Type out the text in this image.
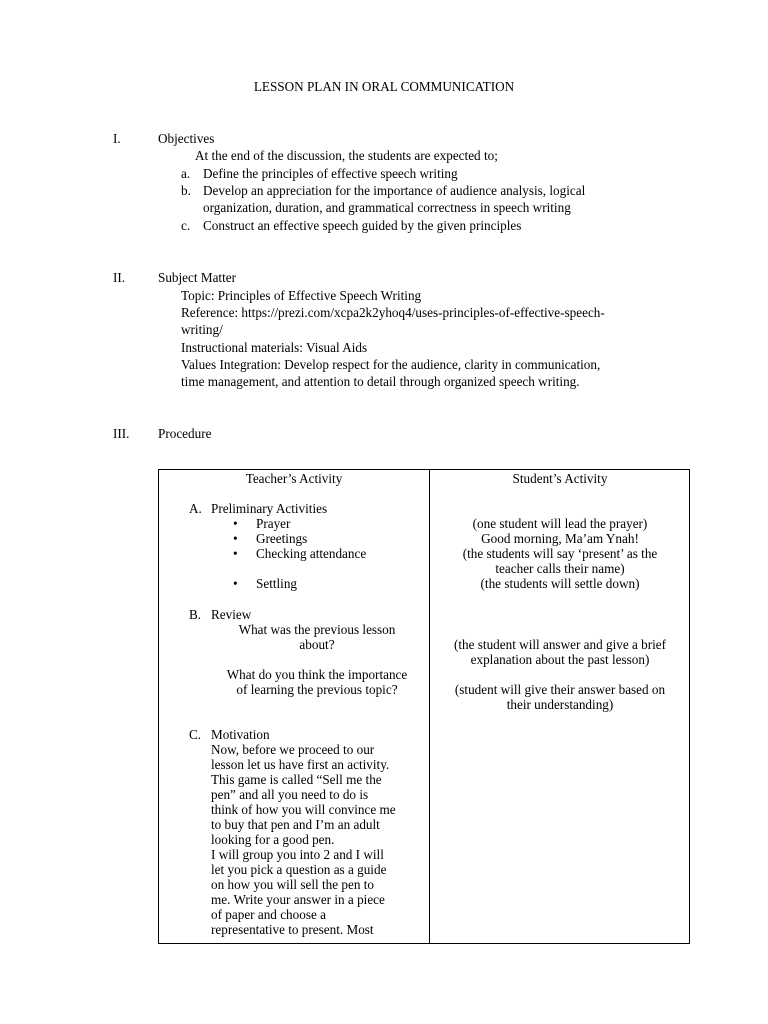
LESSON PLAN IN ORAL COMMUNICATION
I.	Objectives
At the end of the discussion, the students are expected to;
a. Define the principles of effective speech writing
b. Develop an appreciation for the importance of audience analysis, logical
organization, duration, and grammatical correctness in speech writing
c. Construct an effective speech guided by the given principles
II. Subject Matter
Topic: Principles of Effective Speech Writing
Reference: https://prezi.com/xcpa2k2yhoq4/uses-principles-of-effective-speech-
writing/
Instructional materials: Visual Aids
Values Integration: Develop respect for the audience, clarity in communication,
time management, and attention to detail through organized speech writing.
III. Procedure
Teacher’s Activity
A. Preliminary Activities
• Prayer
• Greetings
• Checking attendance
• Settling
B. Review
What was the previous lesson
about?
What do you think the importance
of learning the previous topic?
C. Motivation
Now, before we proceed to our
lesson let us have first an activity.
This game is called “Sell me the
pen” and all you need to do is
think of how you will convince me
to buy that pen and I’m an adult
looking for a good pen.
I will group you into 2 and I will
let you pick a question as a guide
on how you will sell the pen to
me. Write your answer in a piece
of paper and choose a
representative to present. Most
Student’s Activity
(one student will lead the prayer)
Good morning, Ma’am Ynah!
(the students will say ‘present’ as the
teacher calls their name)
(the students will settle down)
(the student will answer and give a brief
explanation about the past lesson)
(student will give their answer based on
their understanding)
